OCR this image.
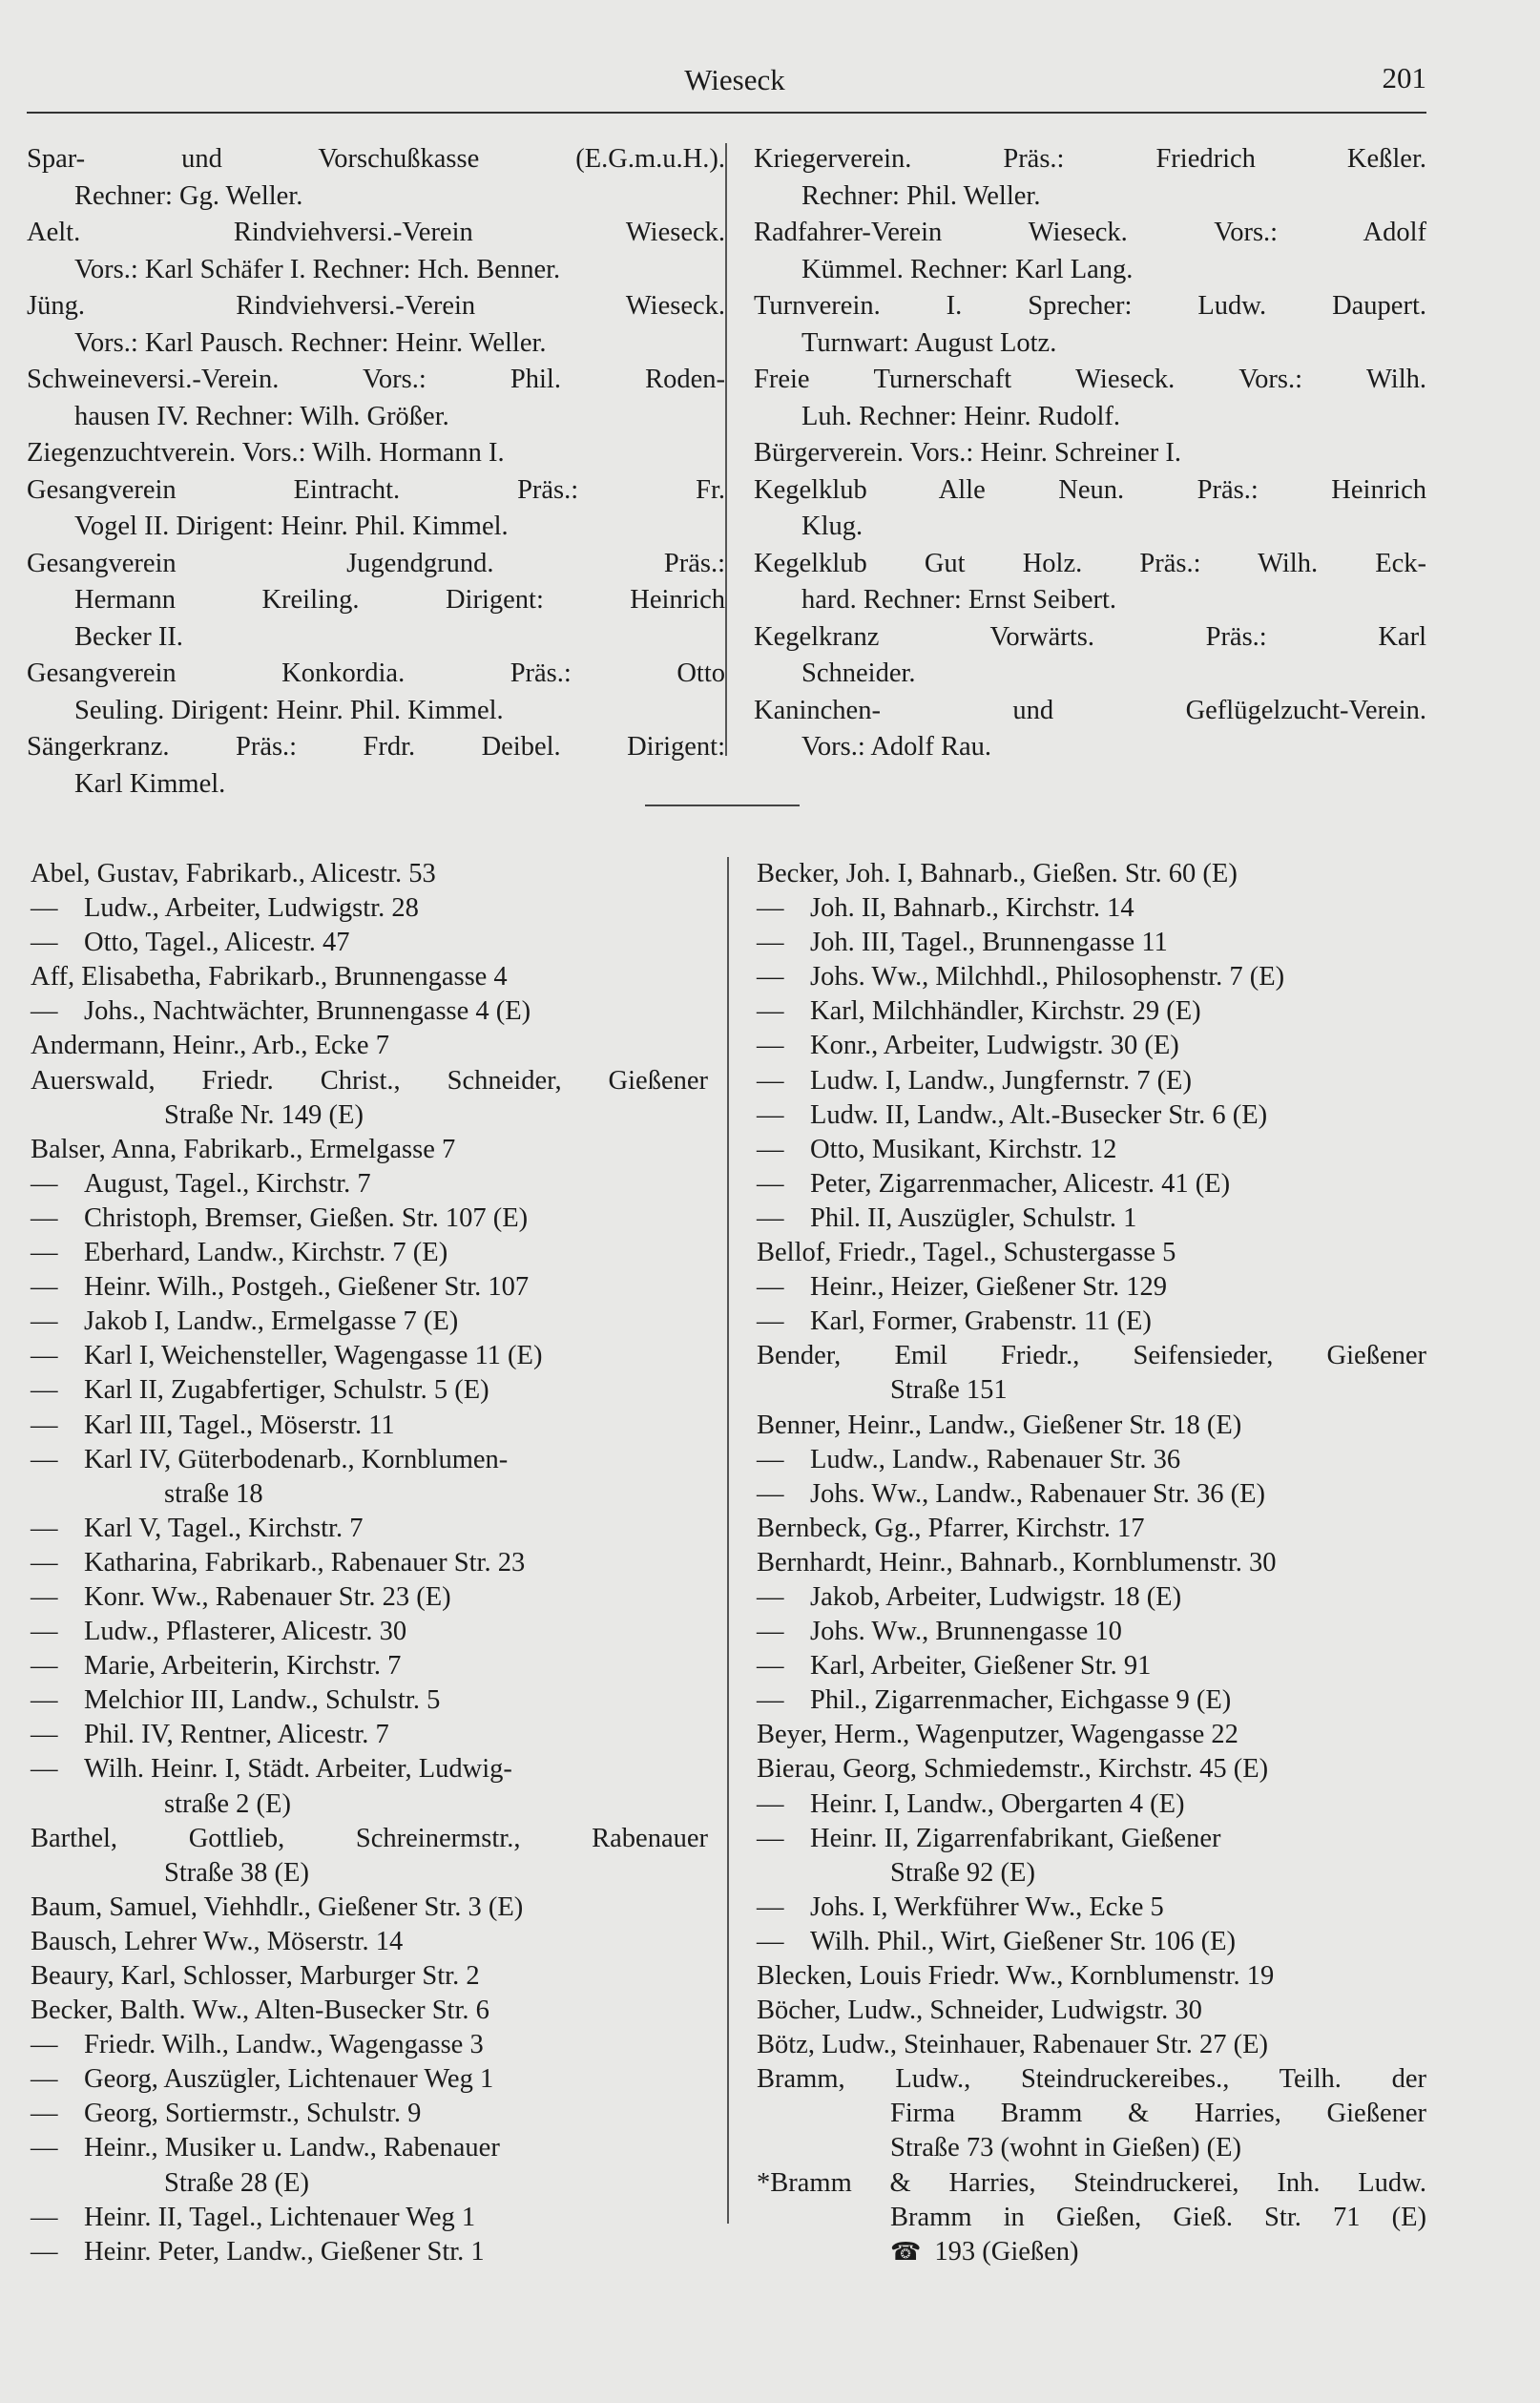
Wieseck	201
Spar- und Vorschußkasse (E.G.m.u.H.).
Rechner: Gg. Weller.
Aelt. Rindviehversi.-Verein Wieseck.
Vors.: Karl Schäfer I. Rechner: Hch. Benner.
Jüng. Rindviehversi.-Verein Wieseck.
Vors.: Karl Pausch. Rechner: Heinr. Weller.
Schweineversi.-Verein. Vors.: Phil. Roden-
hausen IV. Rechner: Wilh. Größer.
Ziegenzuchtverein. Vors.: Wilh. Hormann I.
Gesangverein Eintracht. Präs.: Fr.
Vogel II. Dirigent: Heinr. Phil. Kimmel.
Gesangverein Jugendgrund. Präs.:
Hermann Kreiling. Dirigent: Heinrich
Becker II.
Gesangverein Konkordia. Präs.: Otto
Seuling. Dirigent: Heinr. Phil. Kimmel.
Sängerkranz. Präs.: Frdr. Deibel. Dirigent:
Karl Kimmel.
Kriegerverein. Präs.: Friedrich Keßler.
Rechner: Phil. Weller.
Radfahrer-Verein Wieseck. Vors.: Adolf
Kümmel. Rechner: Karl Lang.
Turnverein. I. Sprecher: Ludw. Daupert.
Turnwart: August Lotz.
Freie Turnerschaft Wieseck. Vors.: Wilh.
Luh. Rechner: Heinr. Rudolf.
Bürgerverein. Vors.: Heinr. Schreiner I.
Kegelklub Alle Neun. Präs.: Heinrich
Klug.
Kegelklub Gut Holz. Präs.: Wilh. Eck-
hard. Rechner: Ernst Seibert.
Kegelkranz Vorwärts. Präs.: Karl
Schneider.
Kaninchen- und Geflügelzucht-Verein.
Vors.: Adolf Rau.
Abel, Gustav, Fabrikarb., Alicestr. 53
— Ludw., Arbeiter, Ludwigstr. 28
— Otto, Tagel., Alicestr. 47
Aff, Elisabetha, Fabrikarb., Brunnengasse 4
— Johs., Nachtwächter, Brunnengasse 4 (E)
Andermann, Heinr., Arb., Ecke 7
Auerswald, Friedr. Christ., Schneider, Gießener
Straße Nr. 149 (E)
Balser, Anna, Fabrikarb., Ermelgasse 7
— August, Tagel., Kirchstr. 7
— Christoph, Bremser, Gießen. Str. 107 (E)
— Eberhard, Landw., Kirchstr. 7 (E)
— Heinr. Wilh., Postgeh., Gießener Str. 107
— Jakob I, Landw., Ermelgasse 7 (E)
— Karl I, Weichensteller, Wagengasse 11 (E)
— Karl II, Zugabfertiger, Schulstr. 5 (E)
— Karl III, Tagel., Möserstr. 11
— Karl IV, Güterbodenarb., Kornblumen-
straße 18
— Karl V, Tagel., Kirchstr. 7
— Katharina, Fabrikarb., Rabenauer Str. 23
— Konr. Ww., Rabenauer Str. 23 (E)
— Ludw., Pflasterer, Alicestr. 30
— Marie, Arbeiterin, Kirchstr. 7
— Melchior III, Landw., Schulstr. 5
— Phil. IV, Rentner, Alicestr. 7
— Wilh. Heinr. I, Städt. Arbeiter, Ludwig-
straße 2 (E)
Barthel, Gottlieb, Schreinermstr., Rabenauer
Straße 38 (E)
Baum, Samuel, Viehhdlr., Gießener Str. 3 (E)
Bausch, Lehrer Ww., Möserstr. 14
Beaury, Karl, Schlosser, Marburger Str. 2
Becker, Balth. Ww., Alten-Busecker Str. 6
— Friedr. Wilh., Landw., Wagengasse 3
— Georg, Auszügler, Lichtenauer Weg 1
— Georg, Sortiermstr., Schulstr. 9
— Heinr., Musiker u. Landw., Rabenauer
Straße 28 (E)
— Heinr. II, Tagel., Lichtenauer Weg 1
— Heinr. Peter, Landw., Gießener Str. 1
Becker, Joh. I, Bahnarb., Gießen. Str. 60 (E)
— Joh. II, Bahnarb., Kirchstr. 14
— Joh. III, Tagel., Brunnengasse 11
— Johs. Ww., Milchhdl., Philosophenstr. 7 (E)
— Karl, Milchhändler, Kirchstr. 29 (E)
— Konr., Arbeiter, Ludwigstr. 30 (E)
— Ludw. I, Landw., Jungfernstr. 7 (E)
— Ludw. II, Landw., Alt.-Busecker Str. 6 (E)
— Otto, Musikant, Kirchstr. 12
— Peter, Zigarrenmacher, Alicestr. 41 (E)
— Phil. II, Auszügler, Schulstr. 1
Bellof, Friedr., Tagel., Schustergasse 5
— Heinr., Heizer, Gießener Str. 129
— Karl, Former, Grabenstr. 11 (E)
Bender, Emil Friedr., Seifensieder, Gießener
Straße 151
Benner, Heinr., Landw., Gießener Str. 18 (E)
— Ludw., Landw., Rabenauer Str. 36
— Johs. Ww., Landw., Rabenauer Str. 36 (E)
Bernbeck, Gg., Pfarrer, Kirchstr. 17
Bernhardt, Heinr., Bahnarb., Kornblumenstr. 30
— Jakob, Arbeiter, Ludwigstr. 18 (E)
— Johs. Ww., Brunnengasse 10
— Karl, Arbeiter, Gießener Str. 91
— Phil., Zigarrenmacher, Eichgasse 9 (E)
Beyer, Herm., Wagenputzer, Wagengasse 22
Bierau, Georg, Schmiedemstr., Kirchstr. 45 (E)
— Heinr. I, Landw., Obergarten 4 (E)
— Heinr. II, Zigarrenfabrikant, Gießener
Straße 92 (E)
— Johs. I, Werkführer Ww., Ecke 5
— Wilh. Phil., Wirt, Gießener Str. 106 (E)
Blecken, Louis Friedr. Ww., Kornblumenstr. 19
Böcher, Ludw., Schneider, Ludwigstr. 30
Bötz, Ludw., Steinhauer, Rabenauer Str. 27 (E)
Bramm, Ludw., Steindruckereibes., Teilh. der
Firma Bramm & Harries, Gießener
Straße 73 (wohnt in Gießen) (E)
*Bramm & Harries, Steindruckerei, Inh. Ludw.
Bramm in Gießen, Gieß. Str. 71 (E)
☎ 193 (Gießen)
